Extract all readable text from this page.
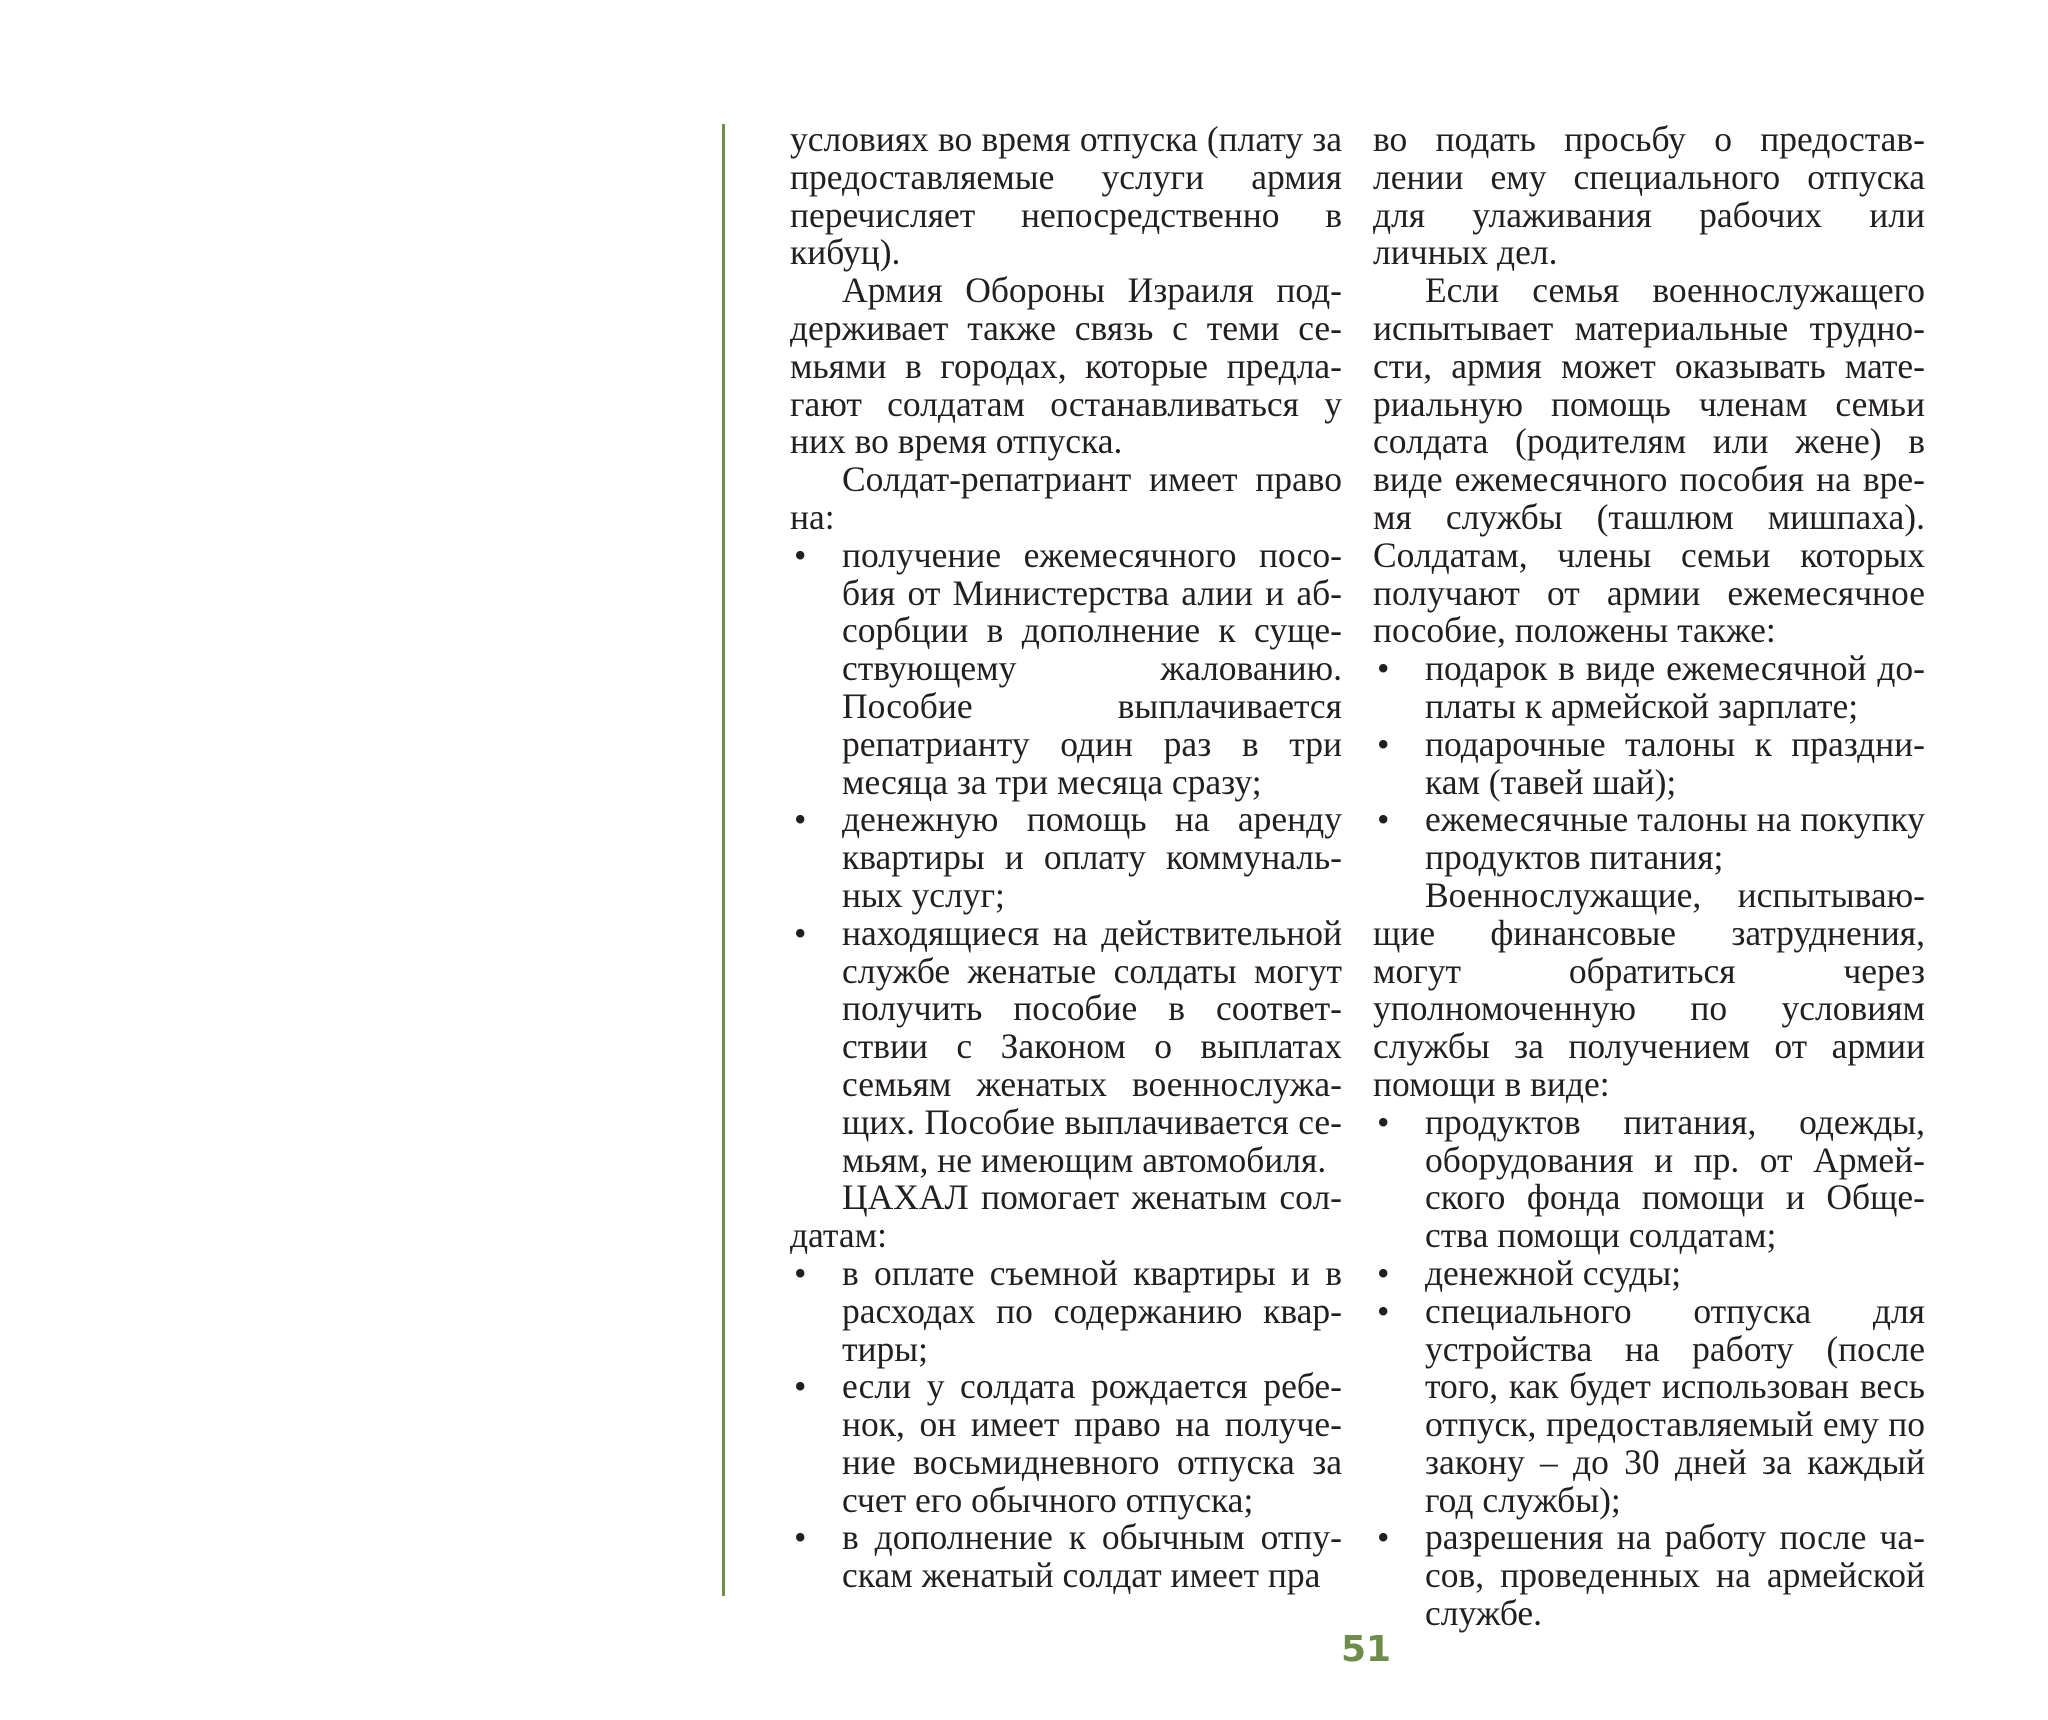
условиях во время отпуска (плату за предоставляемые услуги армия перечисляет непосредственно в кибуц).

Армия Обороны Израиля поддерживает также связь с теми семьями в городах, которые предлагают солдатам останавливаться у них во время отпуска.

Солдат-репатриант имеет право на:

• получение ежемесячного пособия от Министерства алии и абсорбции в дополнение к существующему жалованию. Пособие выплачивается репатрианту один раз в три месяца за три месяца сразу;
• денежную помощь на аренду квартиры и оплату коммунальных услуг;
• находящиеся на действительной службе женатые солдаты могут получить пособие в соответствии с Законом о выплатах семьям женатых военнослужащих. Пособие выплачивается семьям, не имеющим автомобиля.

ЦАХАЛ помогает женатым солдатам:

• в оплате съемной квартиры и в расходах по содержанию квартиры;
• если у солдата рождается ребенок, он имеет право на получение восьмидневного отпуска за счет его обычного отпуска;
• в дополнение к обычным отпускам женатый солдат имеет пра

во подать просьбу о предоставлении ему специального отпуска для улаживания рабочих или личных дел.

Если семья военнослужащего испытывает материальные трудности, армия может оказывать материальную помощь членам семьи солдата (родителям или жене) в виде ежемесячного пособия на время службы (ташлюм мишпаха). Солдатам, члены семьи которых получают от армии ежемесячное пособие, положены также:

• подарок в виде ежемесячной доплаты к армейской зарплате;
• подарочные талоны к праздникам (тавей шай);
• ежемесячные талоны на покупку продуктов питания;

Военнослужащие, испытывающие финансовые затруднения, могут обратиться через уполномоченную по условиям службы за получением от армии помощи в виде:

• продуктов питания, одежды, оборудования и пр. от Армейского фонда помощи и Общества помощи солдатам;
• денежной ссуды;
• специального отпуска для устройства на работу (после того, как будет использован весь отпуск, предоставляемый ему по закону – до 30 дней за каждый год службы);
• разрешения на работу после часов, проведенных на армейской службе.
51
